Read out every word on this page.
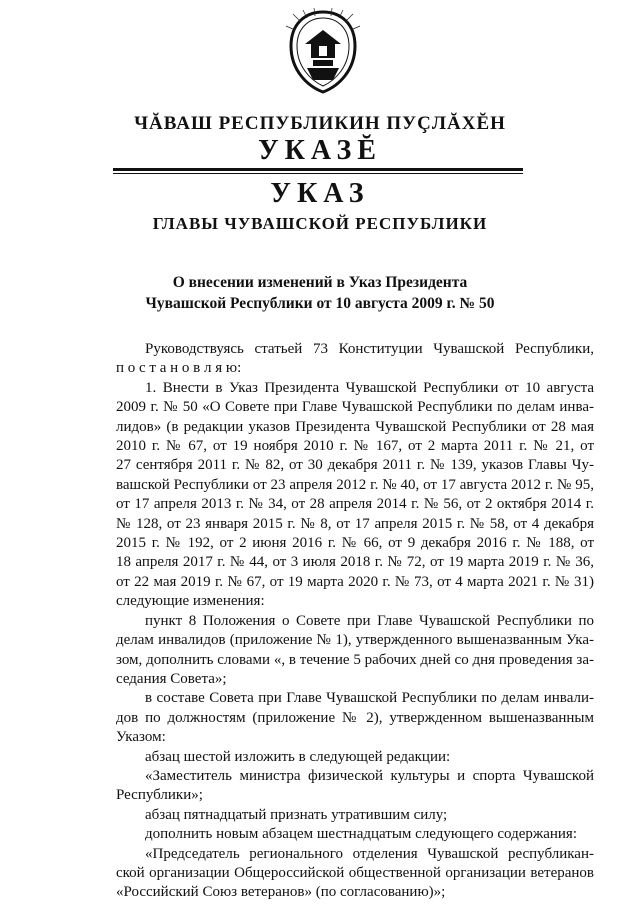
ЧĂВАШ РЕСПУБЛИКИН ПУÇЛĂХĔН
УКАЗĔ
УКАЗ
ГЛАВЫ ЧУВАШСКОЙ РЕСПУБЛИКИ
О внесении изменений в Указ Президента
Чувашской Республики от 10 августа 2009 г. № 50
Руководствуясь статьей 73 Конституции Чувашской Республики,
п о с т а н о в л я ю:
1. Внести в Указ Президента Чувашской Республики от 10 августа
2009 г. № 50 «О Совете при Главе Чувашской Республики по делам инва-
лидов» (в редакции указов Президента Чувашской Республики от 28 мая
2010 г. № 67, от 19 ноября 2010 г. № 167, от 2 марта 2011 г. № 21, от
27 сентября 2011 г. № 82, от 30 декабря 2011 г. № 139, указов Главы Чу-
вашской Республики от 23 апреля 2012 г. № 40, от 17 августа 2012 г. № 95,
от 17 апреля 2013 г. № 34, от 28 апреля 2014 г. № 56, от 2 октября 2014 г.
№ 128, от 23 января 2015 г. № 8, от 17 апреля 2015 г. № 58, от 4 декабря
2015 г. № 192, от 2 июня 2016 г. № 66, от 9 декабря 2016 г. № 188, от
18 апреля 2017 г. № 44, от 3 июля 2018 г. № 72, от 19 марта 2019 г. № 36,
от 22 мая 2019 г. № 67, от 19 марта 2020 г. № 73, от 4 марта 2021 г. № 31)
следующие изменения:
пункт 8 Положения о Совете при Главе Чувашской Республики по
делам инвалидов (приложение № 1), утвержденного вышеназванным Ука-
зом, дополнить словами «, в течение 5 рабочих дней со дня проведения за-
седания Совета»;
в составе Совета при Главе Чувашской Республики по делам инвали-
дов по должностям (приложение № 2), утвержденном вышеназванным
Указом:
абзац шестой изложить в следующей редакции:
«Заместитель министра физической культуры и спорта Чувашской
Республики»;
абзац пятнадцатый признать утратившим силу;
дополнить новым абзацем шестнадцатым следующего содержания:
«Председатель регионального отделения Чувашской республикан-
ской организации Общероссийской общественной организации ветеранов
«Российский Союз ветеранов» (по согласованию)»;
